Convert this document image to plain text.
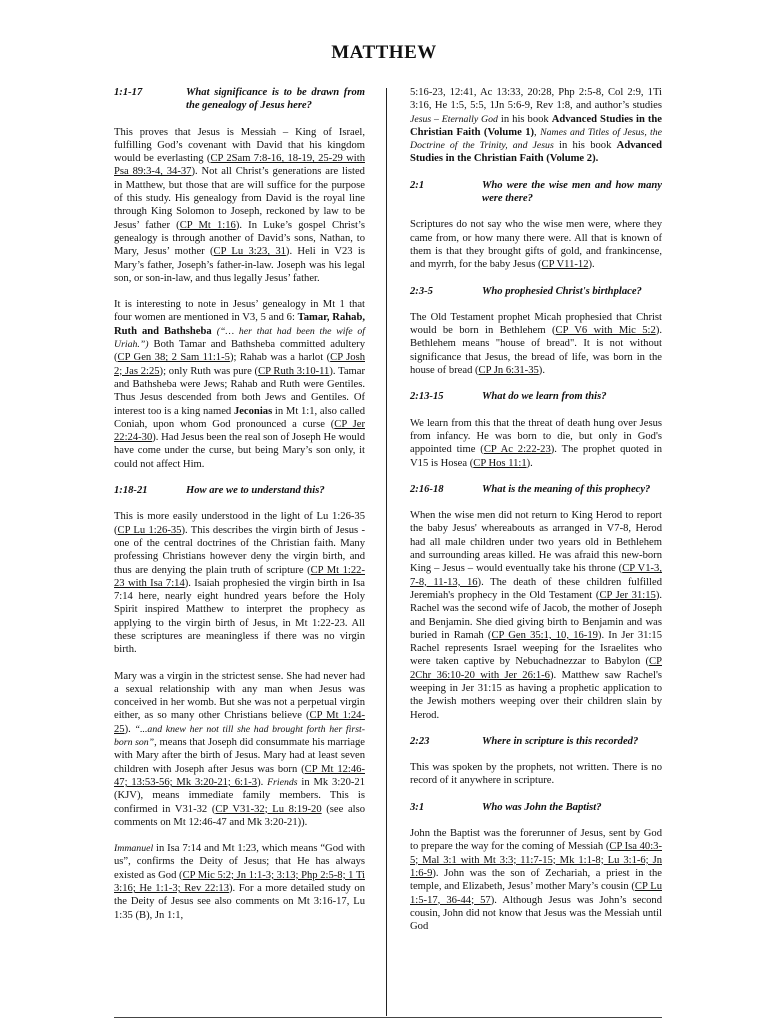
MATTHEW
1:1-17	What significance is to be drawn from the genealogy of Jesus here?

This proves that Jesus is Messiah – King of Israel, fulfilling God’s covenant with David that his kingdom would be everlasting (CP 2Sam 7:8-16, 18-19, 25-29 with Psa 89:3-4, 34-37). Not all Christ’s generations are listed in Matthew, but those that are will suffice for the purpose of this study. His genealogy from David is the royal line through King Solomon to Joseph, reckoned by law to be Jesus’ father (CP Mt 1:16). In Luke’s gospel Christ’s genealogy is through another of David’s sons, Nathan, to Mary, Jesus’ mother (CP Lu 3:23, 31). Heli in V23 is Mary’s father, Joseph’s father-in-law. Joseph was his legal son, or son-in-law, and thus legally Jesus’ father.

It is interesting to note in Jesus’ genealogy in Mt 1 that four women are mentioned in V3, 5 and 6: Tamar, Rahab, Ruth and Bathsheba (“… her that had been the wife of Uriah.”) Both Tamar and Bathsheba committed adultery (CP Gen 38; 2 Sam 11:1-5); Rahab was a harlot (CP Josh 2; Jas 2:25); only Ruth was pure (CP Ruth 3:10-11). Tamar and Bathsheba were Jews; Rahab and Ruth were Gentiles. Thus Jesus descended from both Jews and Gentiles. Of interest too is a king named Jeconias in Mt 1:1, also called Coniah, upon whom God pronounced a curse (CP Jer 22:24-30). Had Jesus been the real son of Joseph He would have come under the curse, but being Mary’s son only, it could not affect Him.

1:18-21	How are we to understand this?

This is more easily understood in the light of Lu 1:26-35 (CP Lu 1:26-35). This describes the virgin birth of Jesus - one of the central doctrines of the Christian faith. Many professing Christians however deny the virgin birth, and thus are denying the plain truth of scripture (CP Mt 1:22-23 with Isa 7:14). Isaiah prophesied the virgin birth in Isa 7:14 here, nearly eight hundred years before the Holy Spirit inspired Matthew to interpret the prophecy as applying to the virgin birth of Jesus, in Mt 1:22-23. All these scriptures are meaningless if there was no virgin birth.

Mary was a virgin in the strictest sense. She had never had a sexual relationship with any man when Jesus was conceived in her womb. But she was not a perpetual virgin either, as so many other Christians believe (CP Mt 1:24-25). “...and knew her not till she had brought forth her first-born son”, means that Joseph did consummate his marriage with Mary after the birth of Jesus. Mary had at least seven children with Joseph after Jesus was born (CP Mt 12:46-47; 13:53-56; Mk 3:20-21; 6:1-3). Friends in Mk 3:20-21 (KJV), means immediate family members. This is confirmed in V31-32 (CP V31-32; Lu 8:19-20 (see also comments on Mt 12:46-47 and Mk 3:20-21)).

Immanuel in Isa 7:14 and Mt 1:23, which means “God with us”, confirms the Deity of Jesus; that He has always existed as God (CP Mic 5:2; Jn 1:1-3; 3:13; Php 2:5-8; 1 Ti 3:16; He 1:1-3; Rev 22:13). For a more detailed study on the Deity of Jesus see also comments on Mt 3:16-17, Lu 1:35 (B), Jn 1:1,

5:16-23, 12:41, Ac 13:33, 20:28, Php 2:5-8, Col 2:9, 1Ti 3:16, He 1:5, 5:5, 1Jn 5:6-9, Rev 1:8, and author’s studies Jesus – Eternally God in his book Advanced Studies in the Christian Faith (Volume 1), Names and Titles of Jesus, the Doctrine of the Trinity, and Jesus in his book Advanced Studies in the Christian Faith (Volume 2).

2:1	Who were the wise men and how many were there?

Scriptures do not say who the wise men were, where they came from, or how many there were. All that is known of them is that they brought gifts of gold, and frankincense, and myrrh, for the baby Jesus (CP V11-12).

2:3-5	Who prophesied Christ's birthplace?

The Old Testament prophet Micah prophesied that Christ would be born in Bethlehem (CP V6 with Mic 5:2). Bethlehem means "house of bread". It is not without significance that Jesus, the bread of life, was born in the house of bread (CP Jn 6:31-35).

2:13-15	What do we learn from this?

We learn from this that the threat of death hung over Jesus from infancy. He was born to die, but only in God's appointed time (CP Ac 2:22-23). The prophet quoted in V15 is Hosea (CP Hos 11:1).

2:16-18	What is the meaning of this prophecy?

When the wise men did not return to King Herod to report the baby Jesus' whereabouts as arranged in V7-8, Herod had all male children under two years old in Bethlehem and surrounding areas killed. He was afraid this new-born King – Jesus – would eventually take his throne (CP V1-3, 7-8, 11-13, 16). The death of these children fulfilled Jeremiah's prophecy in the Old Testament (CP Jer 31:15). Rachel was the second wife of Jacob, the mother of Joseph and Benjamin. She died giving birth to Benjamin and was buried in Ramah (CP Gen 35:1, 10, 16-19). In Jer 31:15 Rachel represents Israel weeping for the Israelites who were taken captive by Nebuchadnezzar to Babylon (CP 2Chr 36:10-20 with Jer 26:1-6). Matthew saw Rachel's weeping in Jer 31:15 as having a prophetic application to the Jewish mothers weeping over their children slain by Herod.

2:23	Where in scripture is this recorded?

This was spoken by the prophets, not written. There is no record of it anywhere in scripture.

3:1	Who was John the Baptist?

John the Baptist was the forerunner of Jesus, sent by God to prepare the way for the coming of Messiah (CP Isa 40:3-5; Mal 3:1 with Mt 3:3; 11:7-15; Mk 1:1-8; Lu 3:1-6; Jn 1:6-9). John was the son of Zechariah, a priest in the temple, and Elizabeth, Jesus’ mother Mary’s cousin (CP Lu 1:5-17, 36-44; 57). Although Jesus was John’s second cousin, John did not know that Jesus was the Messiah until God
